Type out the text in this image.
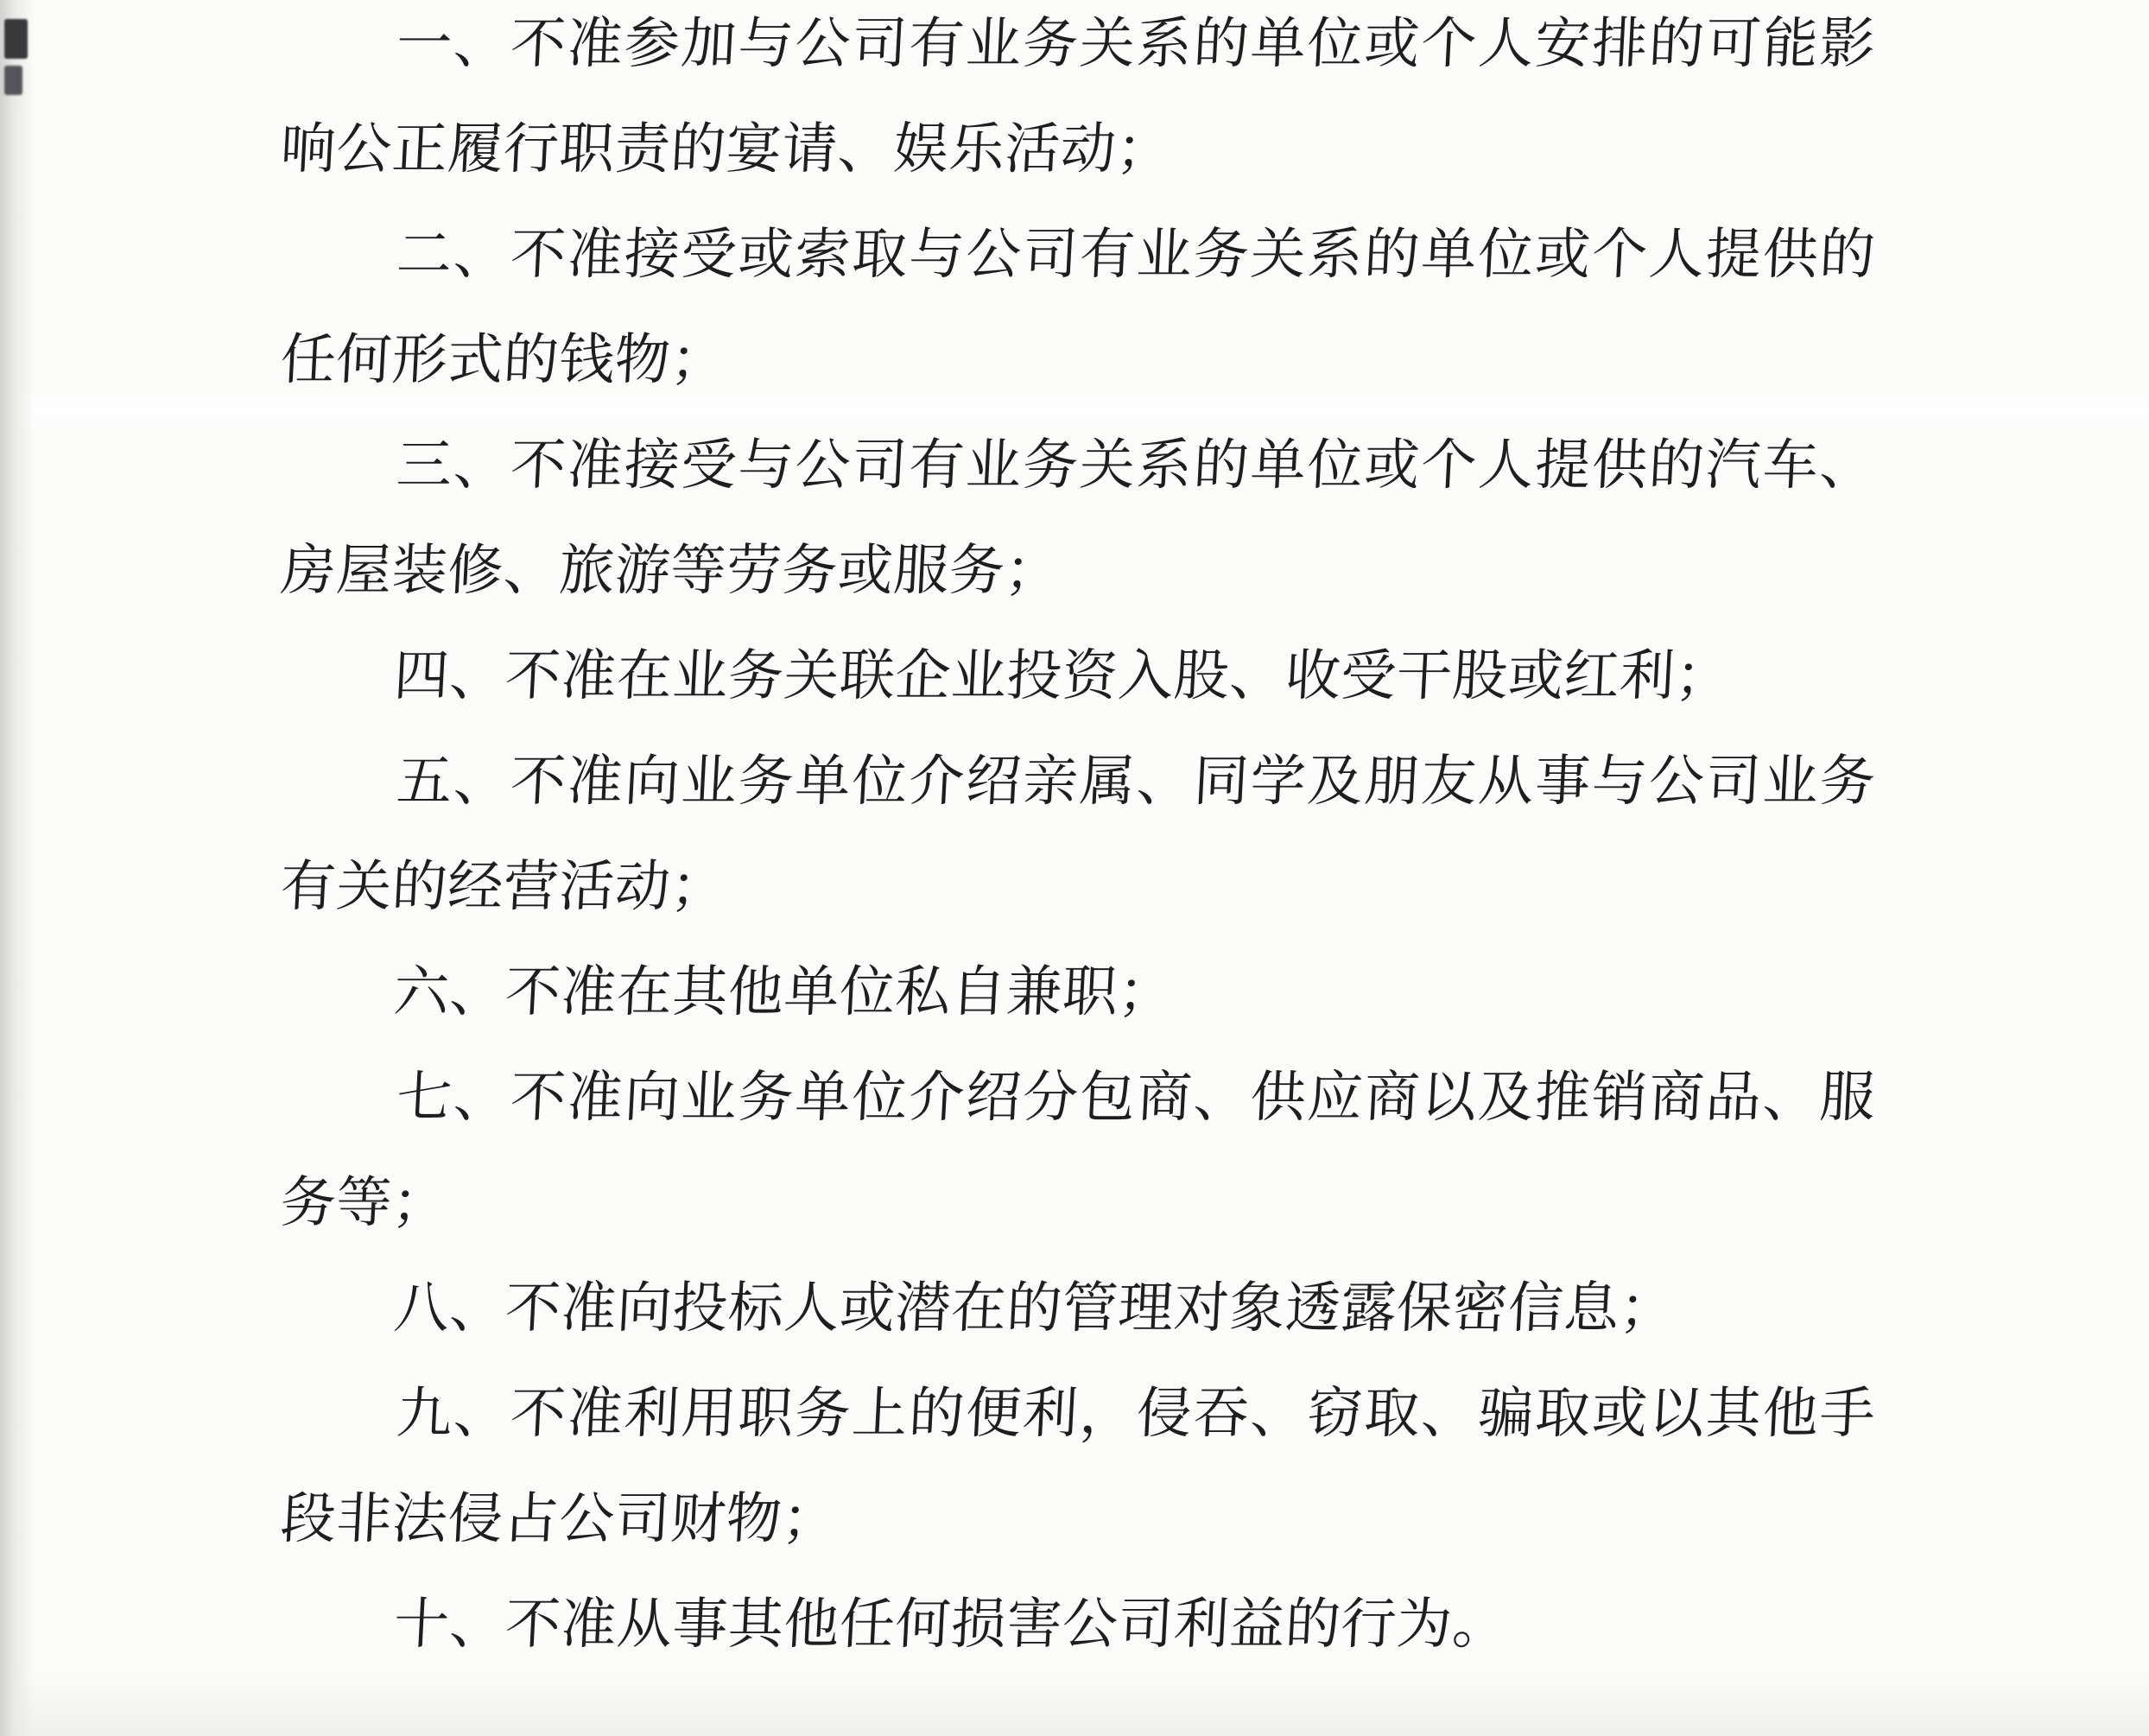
一、不准参加与公司有业务关系的单位或个人安排的可能影响公正履行职责的宴请、娱乐活动；

二、不准接受或索取与公司有业务关系的单位或个人提供的任何形式的钱物；

三、不准接受与公司有业务关系的单位或个人提供的汽车、房屋装修、旅游等劳务或服务；

四、不准在业务关联企业投资入股、收受干股或红利；

五、不准向业务单位介绍亲属、同学及朋友从事与公司业务有关的经营活动；

六、不准在其他单位私自兼职；

七、不准向业务单位介绍分包商、供应商以及推销商品、服务等；

八、不准向投标人或潜在的管理对象透露保密信息；

九、不准利用职务上的便利，侵吞、窃取、骗取或以其他手段非法侵占公司财物；

十、不准从事其他任何损害公司利益的行为。
